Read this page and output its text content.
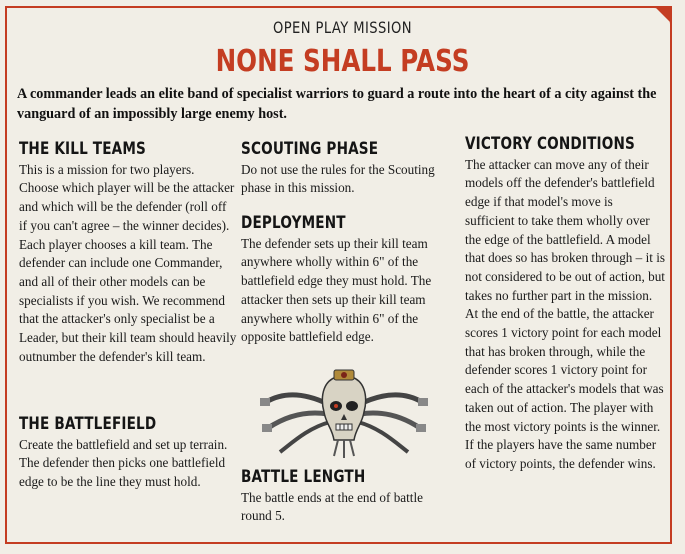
OPEN PLAY MISSION
NONE SHALL PASS
A commander leads an elite band of specialist warriors to guard a route into the heart of a city against the vanguard of an impossibly large enemy host.
THE KILL TEAMS

This is a mission for two players. Choose which player will be the attacker and which will be the defender (roll off if you can't agree – the winner decides). Each player chooses a kill team. The defender can include one Commander, and all of their other models can be specialists if you wish. We recommend that the attacker's only specialist be a Leader, but their kill team should heavily outnumber the defender's kill team.

THE BATTLEFIELD

Create the battlefield and set up terrain. The defender then picks one battlefield edge to be the line they must hold.

SCOUTING PHASE

Do not use the rules for the Scouting phase in this mission.

DEPLOYMENT

The defender sets up their kill team anywhere wholly within 6" of the battlefield edge they must hold. The attacker then sets up their kill team anywhere wholly within 6" of the opposite battlefield edge.

BATTLE LENGTH

The battle ends at the end of battle round 5.

VICTORY CONDITIONS

The attacker can move any of their models off the defender's battlefield edge if that model's move is sufficient to take them wholly over the edge of the battlefield. A model that does so has broken through – it is not considered to be out of action, but takes no further part in the mission. At the end of the battle, the attacker scores 1 victory point for each model that has broken through, while the defender scores 1 victory point for each of the attacker's models that was taken out of action. The player with the most victory points is the winner. If the players have the same number of victory points, the defender wins.
